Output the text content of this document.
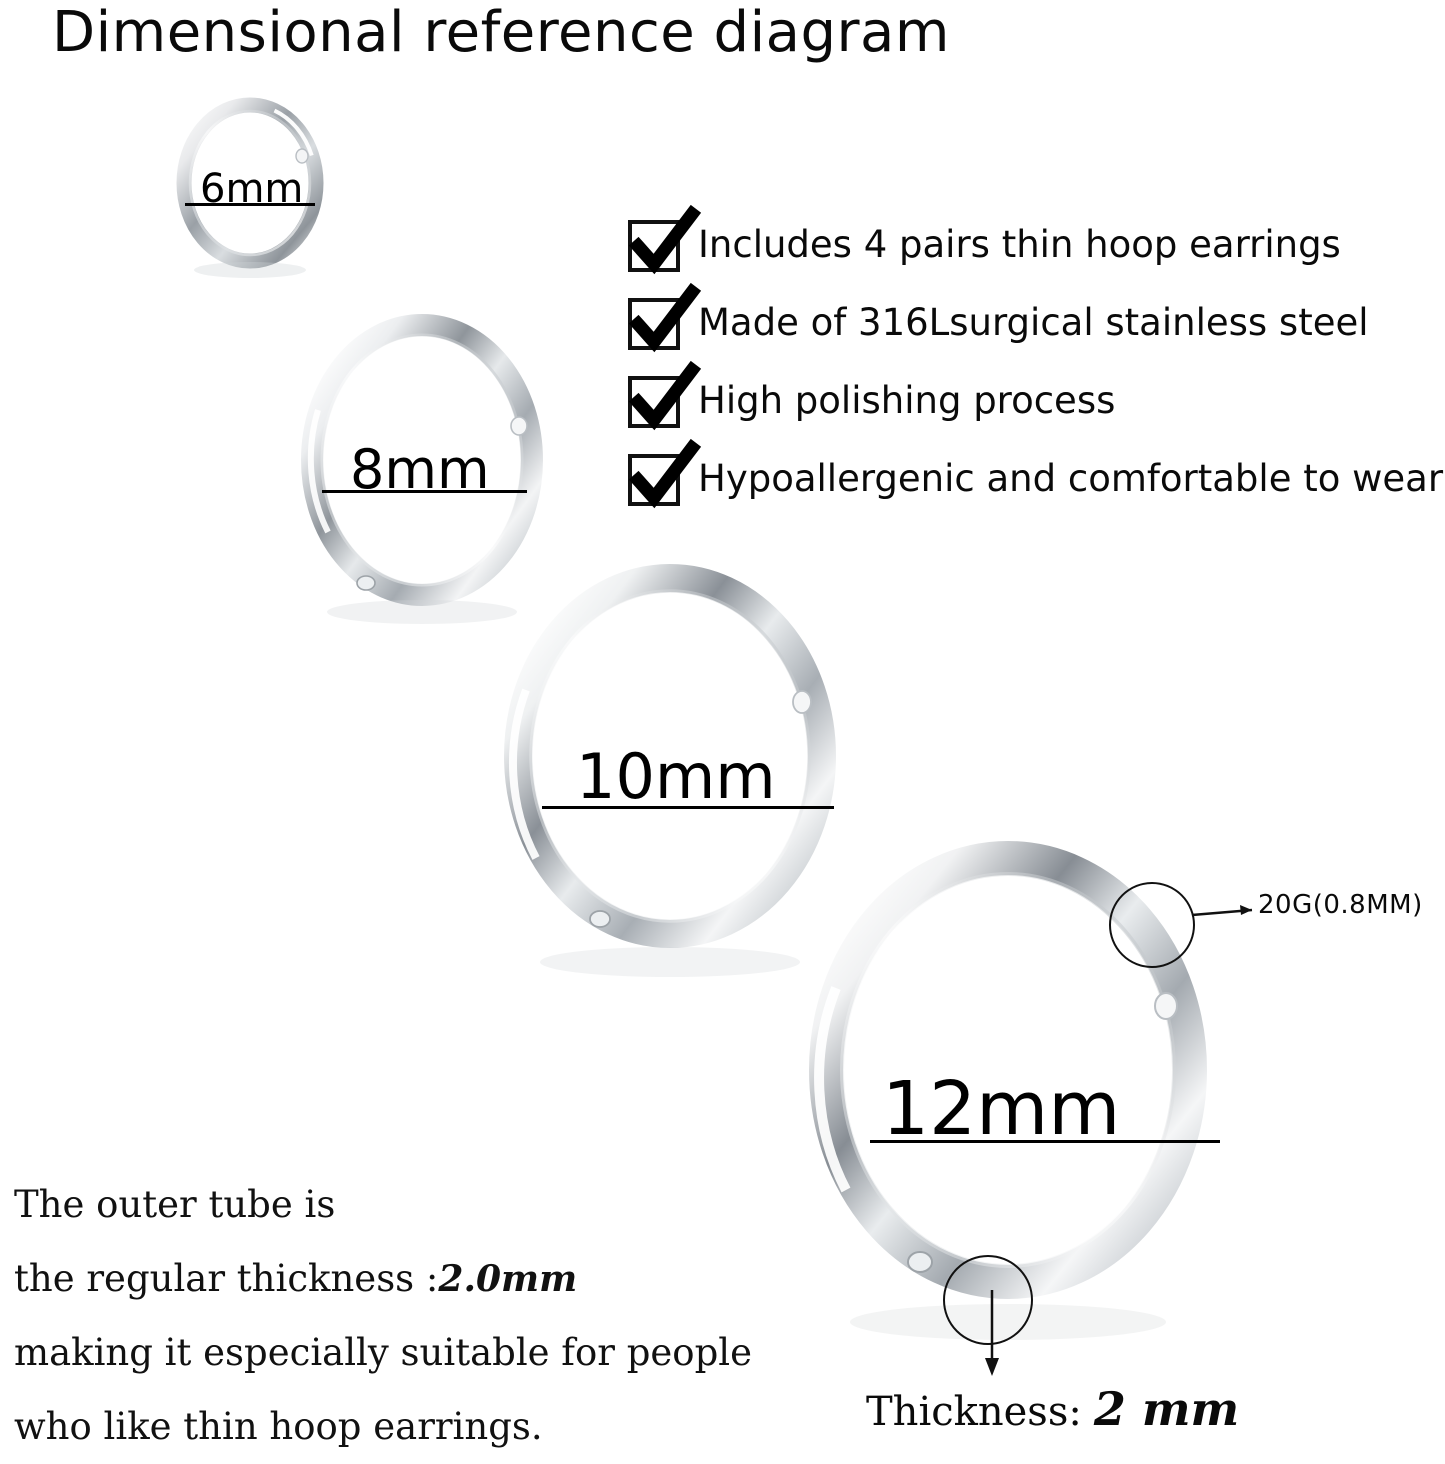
Dimensional reference diagram
Includes 4 pairs thin hoop earrings
Made of 316Lsurgical stainless steel
High polishing process
Hypoallergenic and comfortable to wear
6mm
8mm
10mm
12mm
20G(0.8MM)
Thickness: 2 mm
The outer tube is
the regular thickness :2.0mm
making it especially suitable for people
who like thin hoop earrings.
